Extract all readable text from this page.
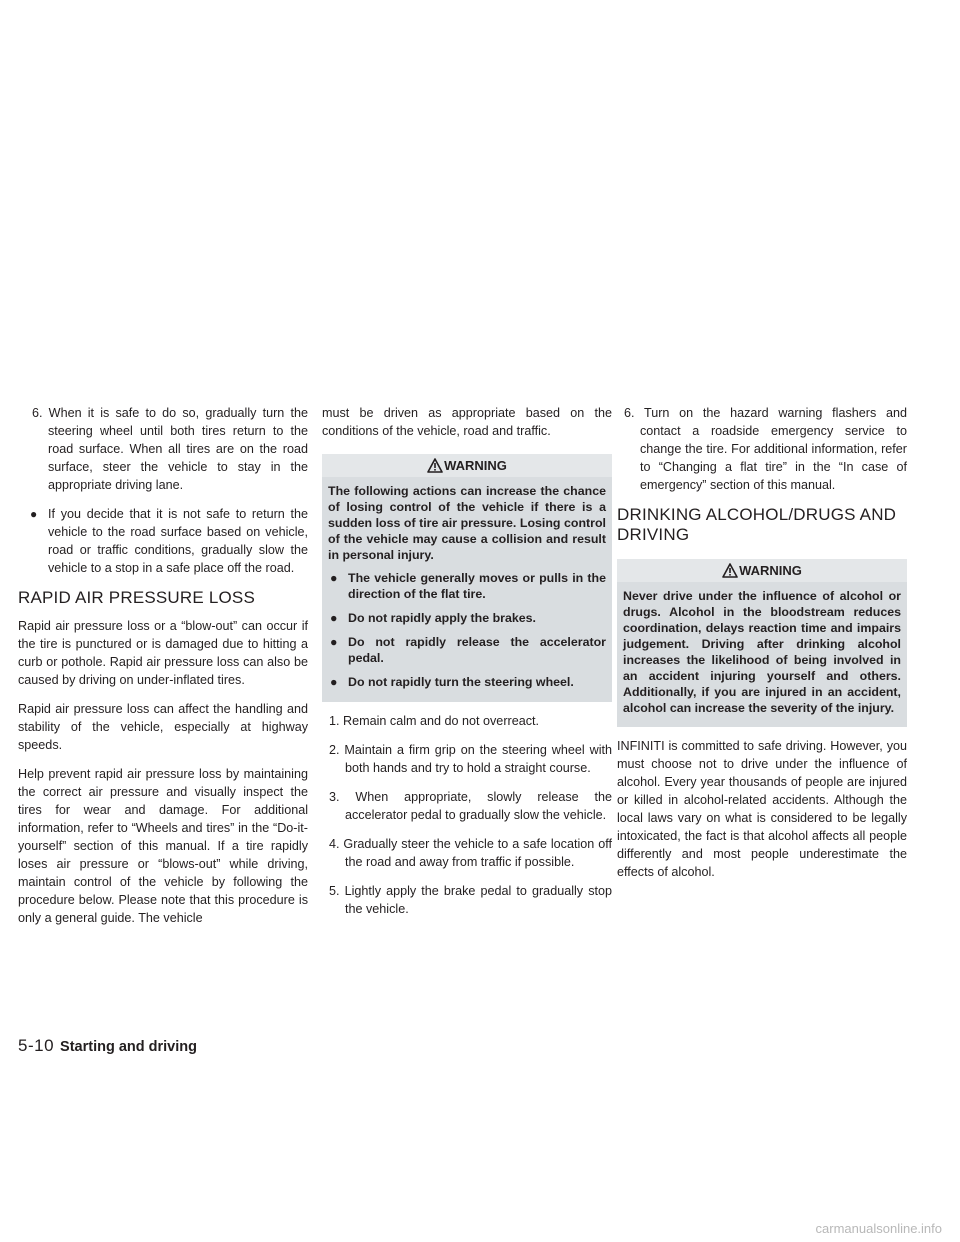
6. When it is safe to do so, gradually turn the steering wheel until both tires return to the road surface. When all tires are on the road surface, steer the vehicle to stay in the appropriate driving lane.
● If you decide that it is not safe to return the vehicle to the road surface based on vehicle, road or traffic conditions, gradually slow the vehicle to a stop in a safe place off the road.
RAPID AIR PRESSURE LOSS

Rapid air pressure loss or a “blow-out” can occur if the tire is punctured or is damaged due to hitting a curb or pothole. Rapid air pressure loss can also be caused by driving on under-inflated tires.

Rapid air pressure loss can affect the handling and stability of the vehicle, especially at highway speeds.

Help prevent rapid air pressure loss by maintaining the correct air pressure and visually inspect the tires for wear and damage. For additional information, refer to “Wheels and tires” in the “Do-it-yourself” section of this manual. If a tire rapidly loses air pressure or “blows-out” while driving, maintain control of the vehicle by following the procedure below. Please note that this procedure is only a general guide. The vehicle

must be driven as appropriate based on the conditions of the vehicle, road and traffic.

WARNING
The following actions can increase the chance of losing control of the vehicle if there is a sudden loss of tire air pressure. Losing control of the vehicle may cause a collision and result in personal injury.
● The vehicle generally moves or pulls in the direction of the flat tire.
● Do not rapidly apply the brakes.
● Do not rapidly release the accelerator pedal.
● Do not rapidly turn the steering wheel.
1. Remain calm and do not overreact.
2. Maintain a firm grip on the steering wheel with both hands and try to hold a straight course.
3. When appropriate, slowly release the accelerator pedal to gradually slow the vehicle.
4. Gradually steer the vehicle to a safe location off the road and away from traffic if possible.
5. Lightly apply the brake pedal to gradually stop the vehicle.
6. Turn on the hazard warning flashers and contact a roadside emergency service to change the tire. For additional information, refer to “Changing a flat tire” in the “In case of emergency” section of this manual.
DRINKING ALCOHOL/DRUGS AND DRIVING
WARNING
Never drive under the influence of alcohol or drugs. Alcohol in the bloodstream reduces coordination, delays reaction time and impairs judgement. Driving after drinking alcohol increases the likelihood of being involved in an accident injuring yourself and others. Additionally, if you are injured in an accident, alcohol can increase the severity of the injury.

INFINITI is committed to safe driving. However, you must choose not to drive under the influence of alcohol. Every year thousands of people are injured or killed in alcohol-related accidents. Although the local laws vary on what is considered to be legally intoxicated, the fact is that alcohol affects all people differently and most people underestimate the effects of alcohol.

5-10 Starting and driving
carmanualsonline.info
